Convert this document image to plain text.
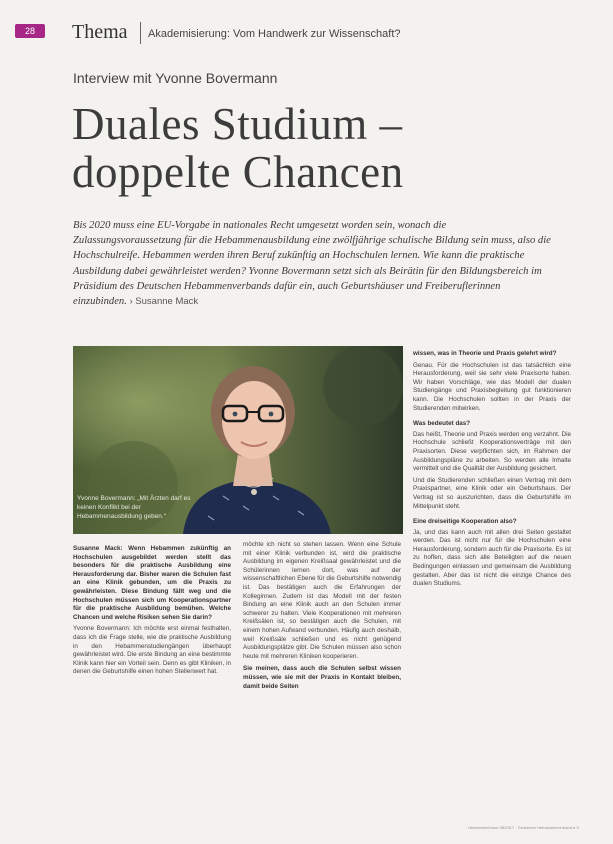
28	Thema Akademisierung: Vom Handwerk zur Wissenschaft?
Interview mit Yvonne Bovermann
Duales Studium –
doppelte Chancen
Bis 2020 muss eine EU-Vorgabe in nationales Recht umgesetzt worden sein, wonach die Zulassungsvoraussetzung für die Hebammenausbildung eine zwölfjährige schulische Bildung sein muss, also die Hochschulreife. Hebammen werden ihren Beruf zukünftig an Hochschulen lernen. Wie kann die praktische Ausbildung dabei gewährleistet werden? Yvonne Bovermann setzt sich als Beirätin für den Bildungsbereich im Präsidium des Deutschen Hebammenverbands dafür ein, auch Geburtshäuser und Freiberuflerinnen einzubinden. › Susanne Mack
Yvonne Bovermann: „Mit Ärzten darf es keinen Konflikt bei der Hebammenausbildung geben.“

Susanne Mack: Wenn Hebammen zukünftig an Hochschulen ausgebildet werden stellt das besonders für die praktische Ausbildung eine Herausforderung dar. Bisher waren die Schulen fast an eine Klinik gebunden, um die Praxis zu gewährleisten. Diese Bindung fällt weg und die Hochschulen müssen sich um Kooperationspartner für die praktische Ausbildung bemühen. Welche Chancen und welche Risiken sehen Sie darin?

Yvonne Bovermann: Ich möchte erst einmal festhalten, dass ich die Frage stelle, wie die praktische Ausbildung in den Hebammenstudiengängen überhaupt gewährleistet wird. Die erste Bindung an eine bestimmte Klinik kann hier ein Vorteil sein. Denn es gibt Kliniken, in denen die Geburtshilfe einen hohen Stellenwert hat.

möchte ich nicht so stehen lassen. Wenn eine Schule mit einer Klinik verbunden ist, wird die praktische Ausbildung im eigenen Kreißsaal gewährleistet und die Schülerinnen lernen dort, was auf der wissenschaftlichen Ebene für die Geburtshilfe notwendig ist. Das bestätigen auch die Erfahrungen der Kolleginnen. Zudem ist das Modell mit der festen Bindung an eine Klinik auch an den Schulen immer schwerer zu halten. Viele Kooperationen mit mehreren Kreißsälen ist, so bestätigen auch die Schulen, mit einem hohen Aufwand verbunden. Häufig auch deshalb, weil Kreißsäle schließen und es nicht genügend Ausbildungsplätze gibt. Die Schulen müssen also schon heute mit mehreren Kliniken kooperieren.

Sie meinen, dass auch die Schulen selbst wissen müssen, wie sie mit der Praxis in Kontakt bleiben, damit beide Seiten

wissen, was in Theorie und Praxis gelehrt wird?

Genau. Für die Hochschulen ist das tatsächlich eine Herausforderung, weil sie sehr viele Praxisorte haben. Wir haben Vorschläge, wie das Modell der dualen Studiengänge und Praxisbegleitung gut funktionieren kann. Die Hochschulen sollten in der Praxis der Studierenden mitwirken.

Was bedeutet das?

Das heißt, Theorie und Praxis werden eng verzahnt. Die Hochschule schließt Kooperationsverträge mit den Praxisorten. Diese verpflichten sich, im Rahmen der Ausbildungspläne zu arbeiten. So werden alle Inhalte vermittelt und die Qualität der Ausbildung gesichert.

Und die Studierenden schließen einen Vertrag mit dem Praxispartner, eine Klinik oder ein Geburtshaus. Der Vertrag ist so auszurichten, dass die Geburtshilfe im Mittelpunkt steht.

Eine dreiseitige Kooperation also?

Ja, und das kann auch mit allen drei Seiten gestaltet werden. Das ist nicht nur für die Hochschulen eine Herausforderung, sondern auch für die Praxisorte. Es ist zu hoffen, dass sich alle Beteiligten auf die neuen Bedingungen einlassen und gemeinsam die Ausbildung gestalten. Aber das ist nicht die einzige Chance des dualen Studiums.

Hebammenforum 08/2017 · Deutscher Hebammenverband e.V.
